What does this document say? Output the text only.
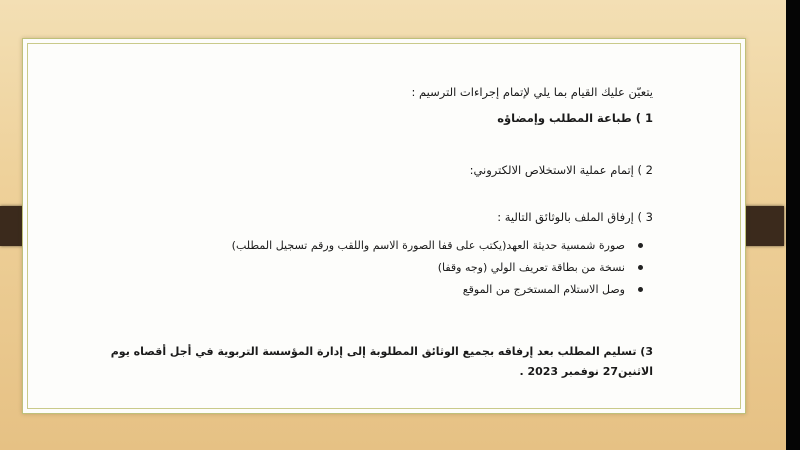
يتعيّن عليك القيام بما يلي لإتمام إجراءات الترسيم :
1 ) طباعة المطلب وإمضاؤه
2 ) إتمام عملية الاستخلاص الالكتروني:
3 ) إرفاق الملف بالوثائق التالية :
صورة شمسية حديثة العهد(يكتب على قفا الصورة الاسم واللقب ورقم تسجيل المطلب)
نسخة من بطاقة تعريف الولي (وجه وقفا)
وصل الاستلام المستخرج من الموقع
3) تسليم المطلب بعد إرفاقه بجميع الوثائق المطلوبة إلى إدارة المؤسسة التربوية في أجل أقصاه يوم
الاثنين27 نوفمبر 2023 .
